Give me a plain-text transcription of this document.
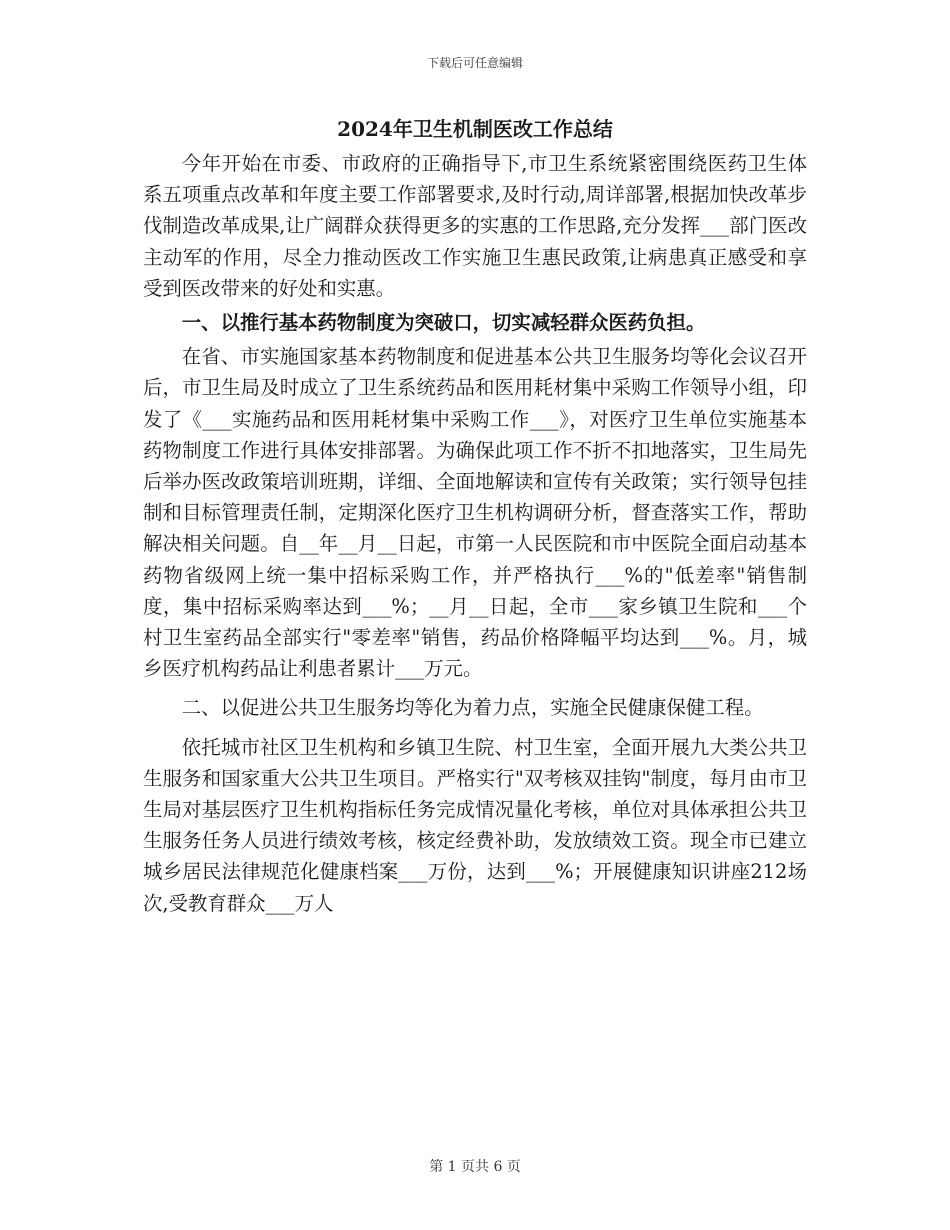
下载后可任意编辑
2024年卫生机制医改工作总结

今年开始在市委、市政府的正确指导下,市卫生系统紧密围绕医药卫生体系五项重点改革和年度主要工作部署要求,及时行动,周详部署,根据加快改革步伐制造改革成果,让广阔群众获得更多的实惠的工作思路,充分发挥___部门医改主动军的作用，尽全力推动医改工作实施卫生惠民政策,让病患真正感受和享受到医改带来的好处和实惠。

一、以推行基本药物制度为突破口，切实减轻群众医药负担。

在省、市实施国家基本药物制度和促进基本公共卫生服务均等化会议召开后，市卫生局及时成立了卫生系统药品和医用耗材集中采购工作领导小组，印发了《___实施药品和医用耗材集中采购工作___》，对医疗卫生单位实施基本药物制度工作进行具体安排部署。为确保此项工作不折不扣地落实，卫生局先后举办医改政策培训班期，详细、全面地解读和宣传有关政策；实行领导包挂制和目标管理责任制，定期深化医疗卫生机构调研分析，督查落实工作，帮助解决相关问题。自__年__月__日起，市第一人民医院和市中医院全面启动基本药物省级网上统一集中招标采购工作，并严格执行___%的"低差率"销售制度，集中招标采购率达到___%；__月__日起，全市___家乡镇卫生院和___个村卫生室药品全部实行"零差率"销售，药品价格降幅平均达到___%。月，城乡医疗机构药品让利患者累计___万元。

二、以促进公共卫生服务均等化为着力点，实施全民健康保健工程。

依托城市社区卫生机构和乡镇卫生院、村卫生室，全面开展九大类公共卫生服务和国家重大公共卫生项目。严格实行"双考核双挂钩"制度，每月由市卫生局对基层医疗卫生机构指标任务完成情况量化考核，单位对具体承担公共卫生服务任务人员进行绩效考核，核定经费补助，发放绩效工资。现全市已建立城乡居民法律规范化健康档案___万份，达到___%；开展健康知识讲座212场次,受教育群众___万人

第 1 页共 6 页
